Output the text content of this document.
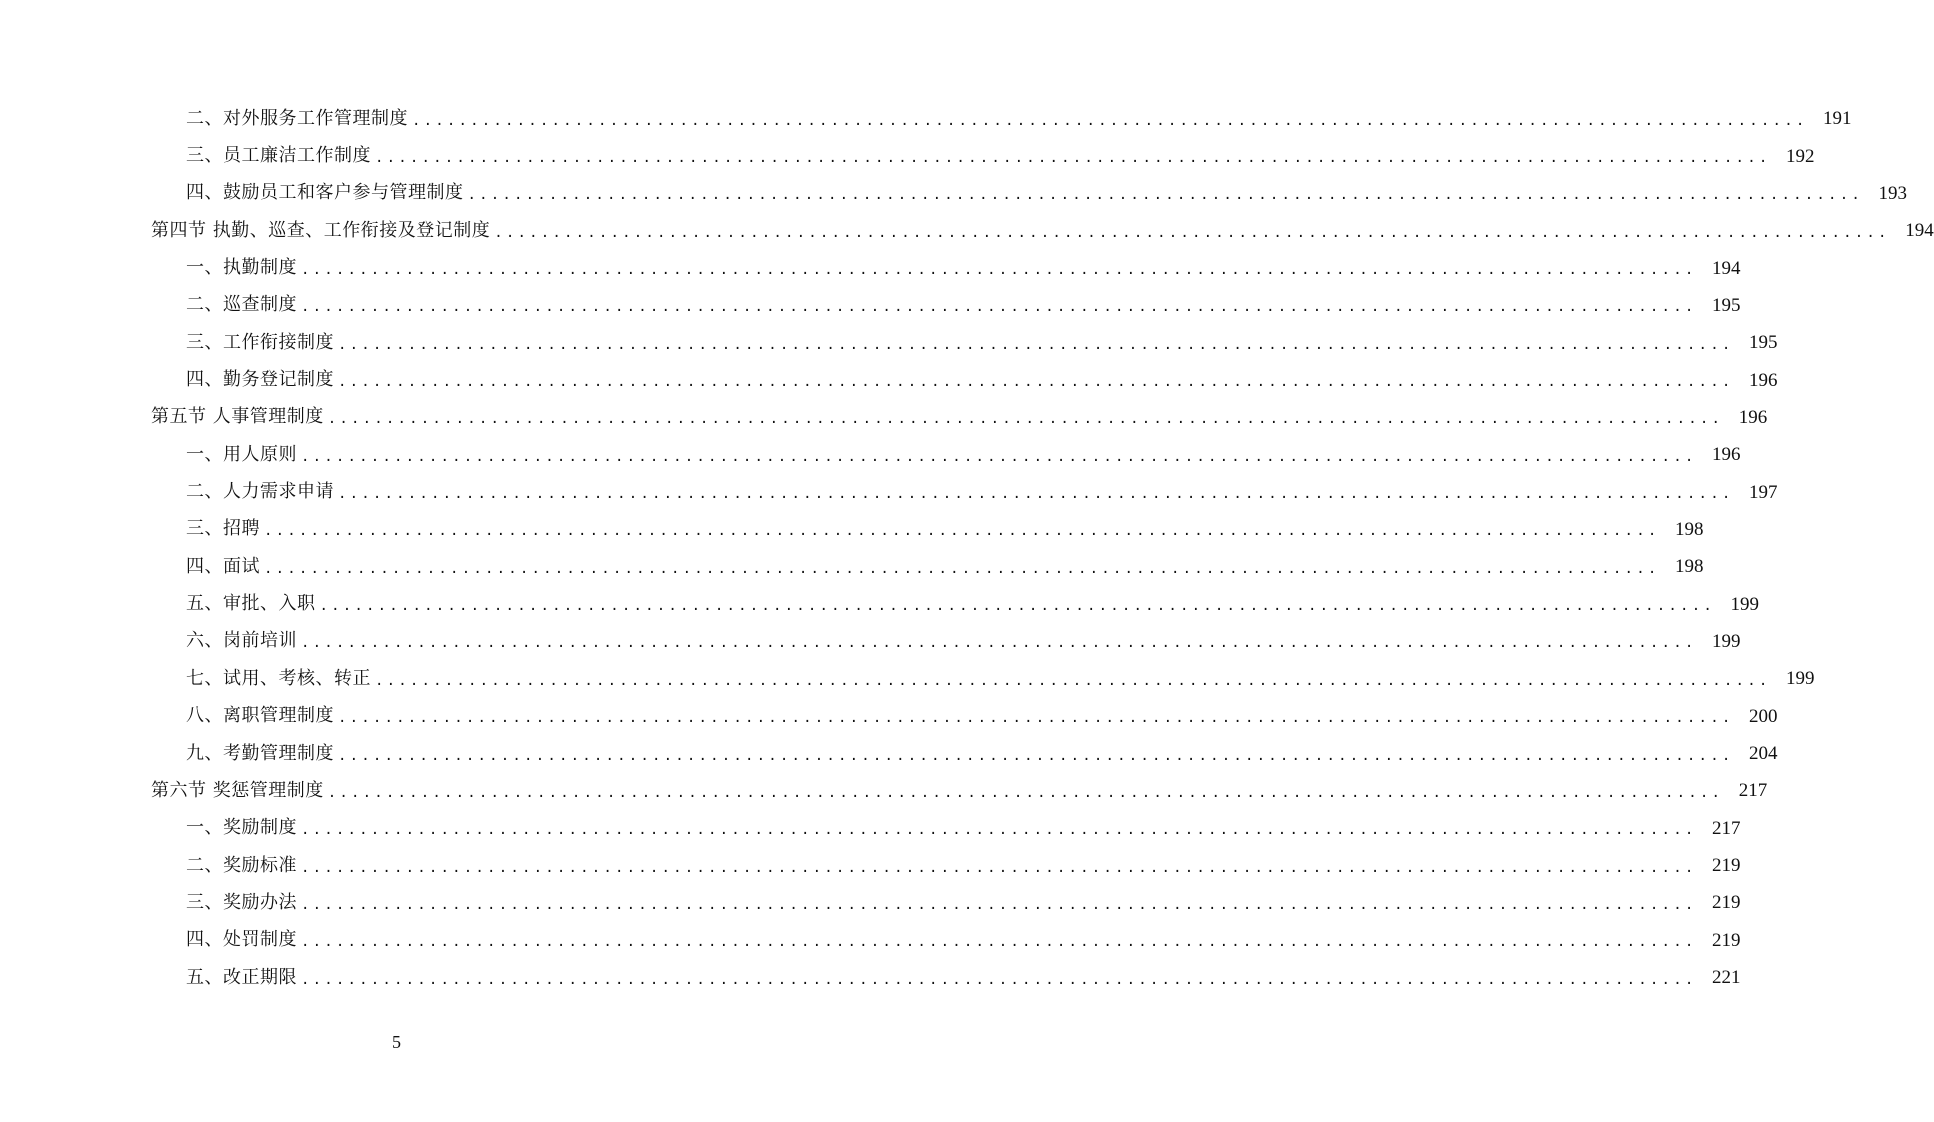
二、对外服务工作管理制度 ........................................................................................................................ 191
三、员工廉洁工作制度 ........................................................................................................................ 192
四、鼓励员工和客户参与管理制度 ........................................................................................................................ 193
第四节 执勤、巡查、工作衔接及登记制度 ........................................................................................................................ 194
一、执勤制度 ........................................................................................................................ 194
二、巡查制度 ........................................................................................................................ 195
三、工作衔接制度 ........................................................................................................................ 195
四、勤务登记制度 ........................................................................................................................ 196
第五节 人事管理制度 ........................................................................................................................ 196
一、用人原则 ........................................................................................................................ 196
二、人力需求申请 ........................................................................................................................ 197
三、招聘 ........................................................................................................................ 198
四、面试 ........................................................................................................................ 198
五、审批、入职 ........................................................................................................................ 199
六、岗前培训 ........................................................................................................................ 199
七、试用、考核、转正 ........................................................................................................................ 199
八、离职管理制度 ........................................................................................................................ 200
九、考勤管理制度 ........................................................................................................................ 204
第六节 奖惩管理制度 ........................................................................................................................ 217
一、奖励制度 ........................................................................................................................ 217
二、奖励标准 ........................................................................................................................ 219
三、奖励办法 ........................................................................................................................ 219
四、处罚制度 ........................................................................................................................ 219
五、改正期限 ........................................................................................................................ 221
5
